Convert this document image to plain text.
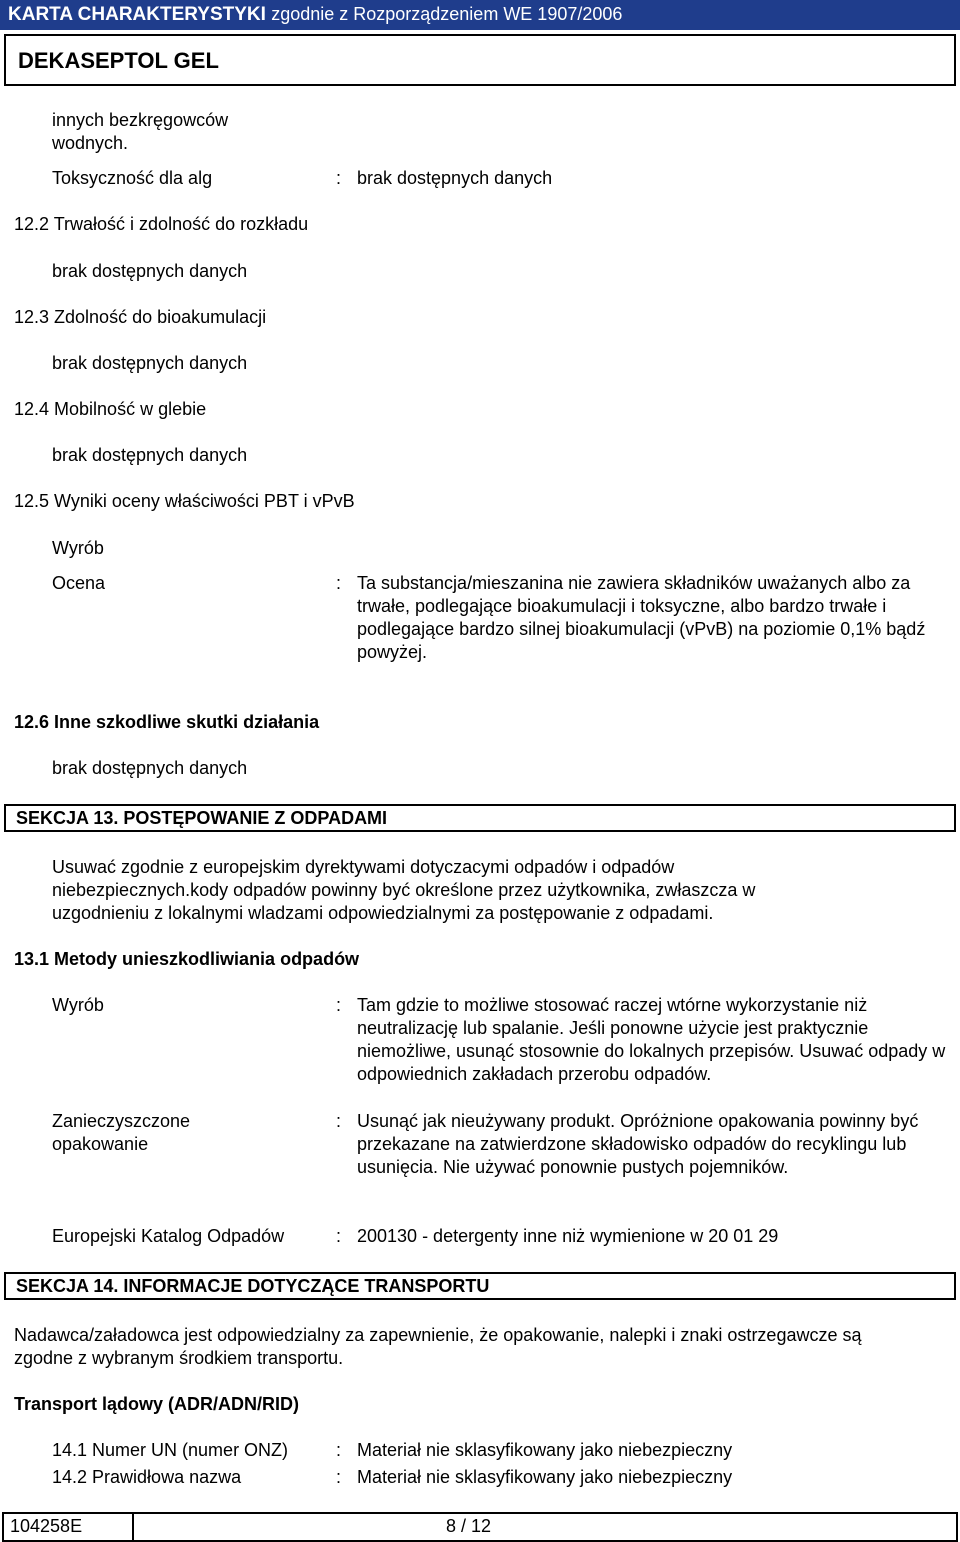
KARTA CHARAKTERYSTYKI zgodnie z Rozporządzeniem WE 1907/2006
DEKASEPTOL GEL
innych bezkręgowców
wodnych.
Toksyczność dla alg	: brak dostępnych danych
12.2 Trwałość i zdolność do rozkładu
brak dostępnych danych
12.3 Zdolność do bioakumulacji
brak dostępnych danych
12.4 Mobilność w glebie
brak dostępnych danych
12.5 Wyniki oceny właściwości PBT i vPvB
Wyrób
Ocena	: Ta substancja/mieszanina nie zawiera składników uważanych albo za trwałe, podlegające bioakumulacji i toksyczne, albo bardzo trwałe i podlegające bardzo silnej bioakumulacji (vPvB) na poziomie 0,1% bądź powyżej.
12.6 Inne szkodliwe skutki działania
brak dostępnych danych
SEKCJA 13. POSTĘPOWANIE Z ODPADAMI
Usuwać zgodnie z europejskim dyrektywami dotyczacymi odpadów i odpadów niebezpiecznych.kody odpadów powinny być określone przez użytkownika, zwłaszcza w uzgodnieniu z lokalnymi wladzami odpowiedzialnymi za postępowanie z odpadami.
13.1 Metody unieszkodliwiania odpadów
Wyrób	: Tam gdzie to możliwe stosować raczej wtórne wykorzystanie niż neutralizację lub spalanie. Jeśli ponowne użycie jest praktycznie niemożliwe, usunąć stosownie do lokalnych przepisów. Usuwać odpady w odpowiednich zakładach przerobu odpadów.
Zanieczyszczone
opakowanie
: Usunąć jak nieużywany produkt. Opróżnione opakowania powinny być przekazane na zatwierdzone składowisko odpadów do recyklingu lub usunięcia. Nie używać ponownie pustych pojemników.
Europejski Katalog Odpadów	: 200130 - detergenty inne niż wymienione w 20 01 29
SEKCJA 14. INFORMACJE DOTYCZĄCE TRANSPORTU
Nadawca/załadowca jest odpowiedzialny za zapewnienie, że opakowanie, nalepki i znaki ostrzegawcze są zgodne z wybranym środkiem transportu.
Transport lądowy (ADR/ADN/RID)
14.1 Numer UN (numer ONZ)	: Materiał nie sklasyfikowany jako niebezpieczny
14.2 Prawidłowa nazwa	: Materiał nie sklasyfikowany jako niebezpieczny
104258E	8 / 12
